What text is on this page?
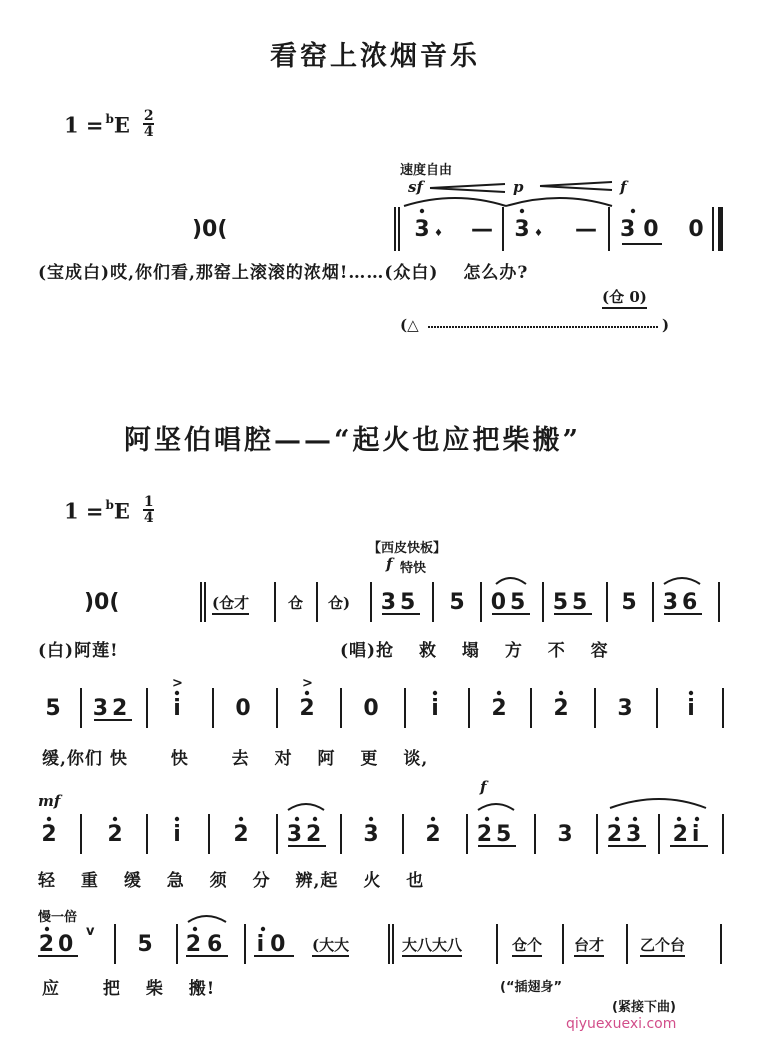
看窑上浓烟音乐
$1 = ^bE \frac{2}{4}$
速度自由
sf	p	f
)0(	3 ♦ — 3 ♦ — 30 0
(宝成白)哎,你们看,那窑上滚滚的浓烟!……(众白)　 怎么办?
(仓 0)
(△	)
阿坚伯唱腔——“起火也应把柴搬”
$1 = ^bE \frac{1}{4}$
【西皮快板】
f 特快
)0(	(仓才	仓 仓) 35 5 05 55 5 36
(白)阿莲!	(唱)抢　 救　 塌　 方　 不　 容
5 32	i
>
0 2
>
0	i	2 2 3	i
缓,你们 快　　 快　　 去　 对　 阿　 更　 谈,
mf
f
2 2	i	2 32 3 2 25 3 23 2i
轻　 重　 缓　 急　 须　 分　 辨,起　 火　 也
慢一倍
20
v
5 26 i0	(大大	大八大八	仓个 台才 乙个台
应　　 把　 柴　 搬!	(“插翅身”
(紧接下曲)
qiyuexuexi.com
